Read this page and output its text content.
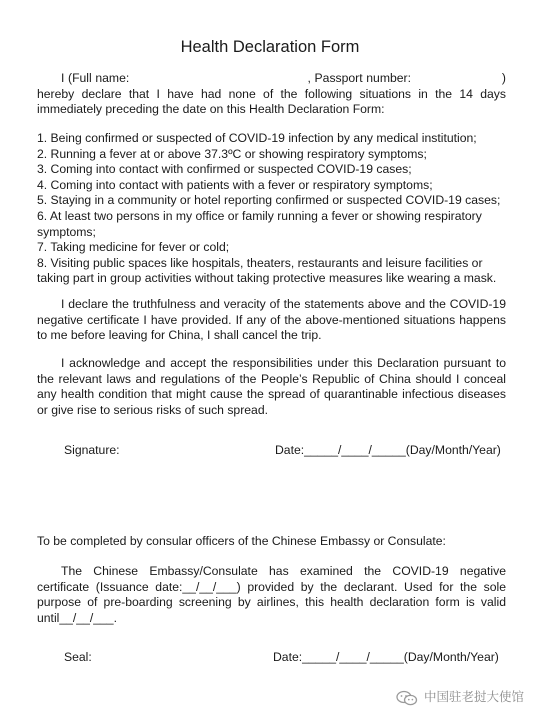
Health Declaration Form
I (Full name:                                                 , Passport number:                         ) hereby declare that I have had none of the following situations in the 14 days immediately preceding the date on this Health Declaration Form:

1. Being confirmed or suspected of COVID-19 infection by any medical institution;

2. Running a fever at or above 37.3ºC or showing respiratory symptoms;

3. Coming into contact with confirmed or suspected COVID-19 cases;

4. Coming into contact with patients with a fever or respiratory symptoms;

5. Staying in a community or hotel reporting confirmed or suspected COVID-19 cases;

6. At least two persons in my office or family running a fever or showing respiratory symptoms;

7. Taking medicine for fever or cold;

8. Visiting public spaces like hospitals, theaters, restaurants and leisure facilities or taking part in group activities without taking protective measures like wearing a mask.

I declare the truthfulness and veracity of the statements above and the COVID-19 negative certificate I have provided. If any of the above-mentioned situations happens to me before leaving for China, I shall cancel the trip.
I acknowledge and accept the responsibilities under this Declaration pursuant to the relevant laws and regulations of the People’s Republic of China should I conceal any health condition that might cause the spread of quarantinable infectious diseases or give rise to serious risks of such spread.
Signature:	Date:_____/____/_____(Day/Month/Year)
To be completed by consular officers of the Chinese Embassy or Consulate:
The Chinese Embassy/Consulate has examined the COVID-19 negative certificate (Issuance date:__/__/___) provided by the declarant. Used for the sole purpose of pre-boarding screening by airlines, this health declaration form is valid until__/__/___.
Seal:	Date:_____/____/_____(Day/Month/Year)
中国驻老挝大使馆
